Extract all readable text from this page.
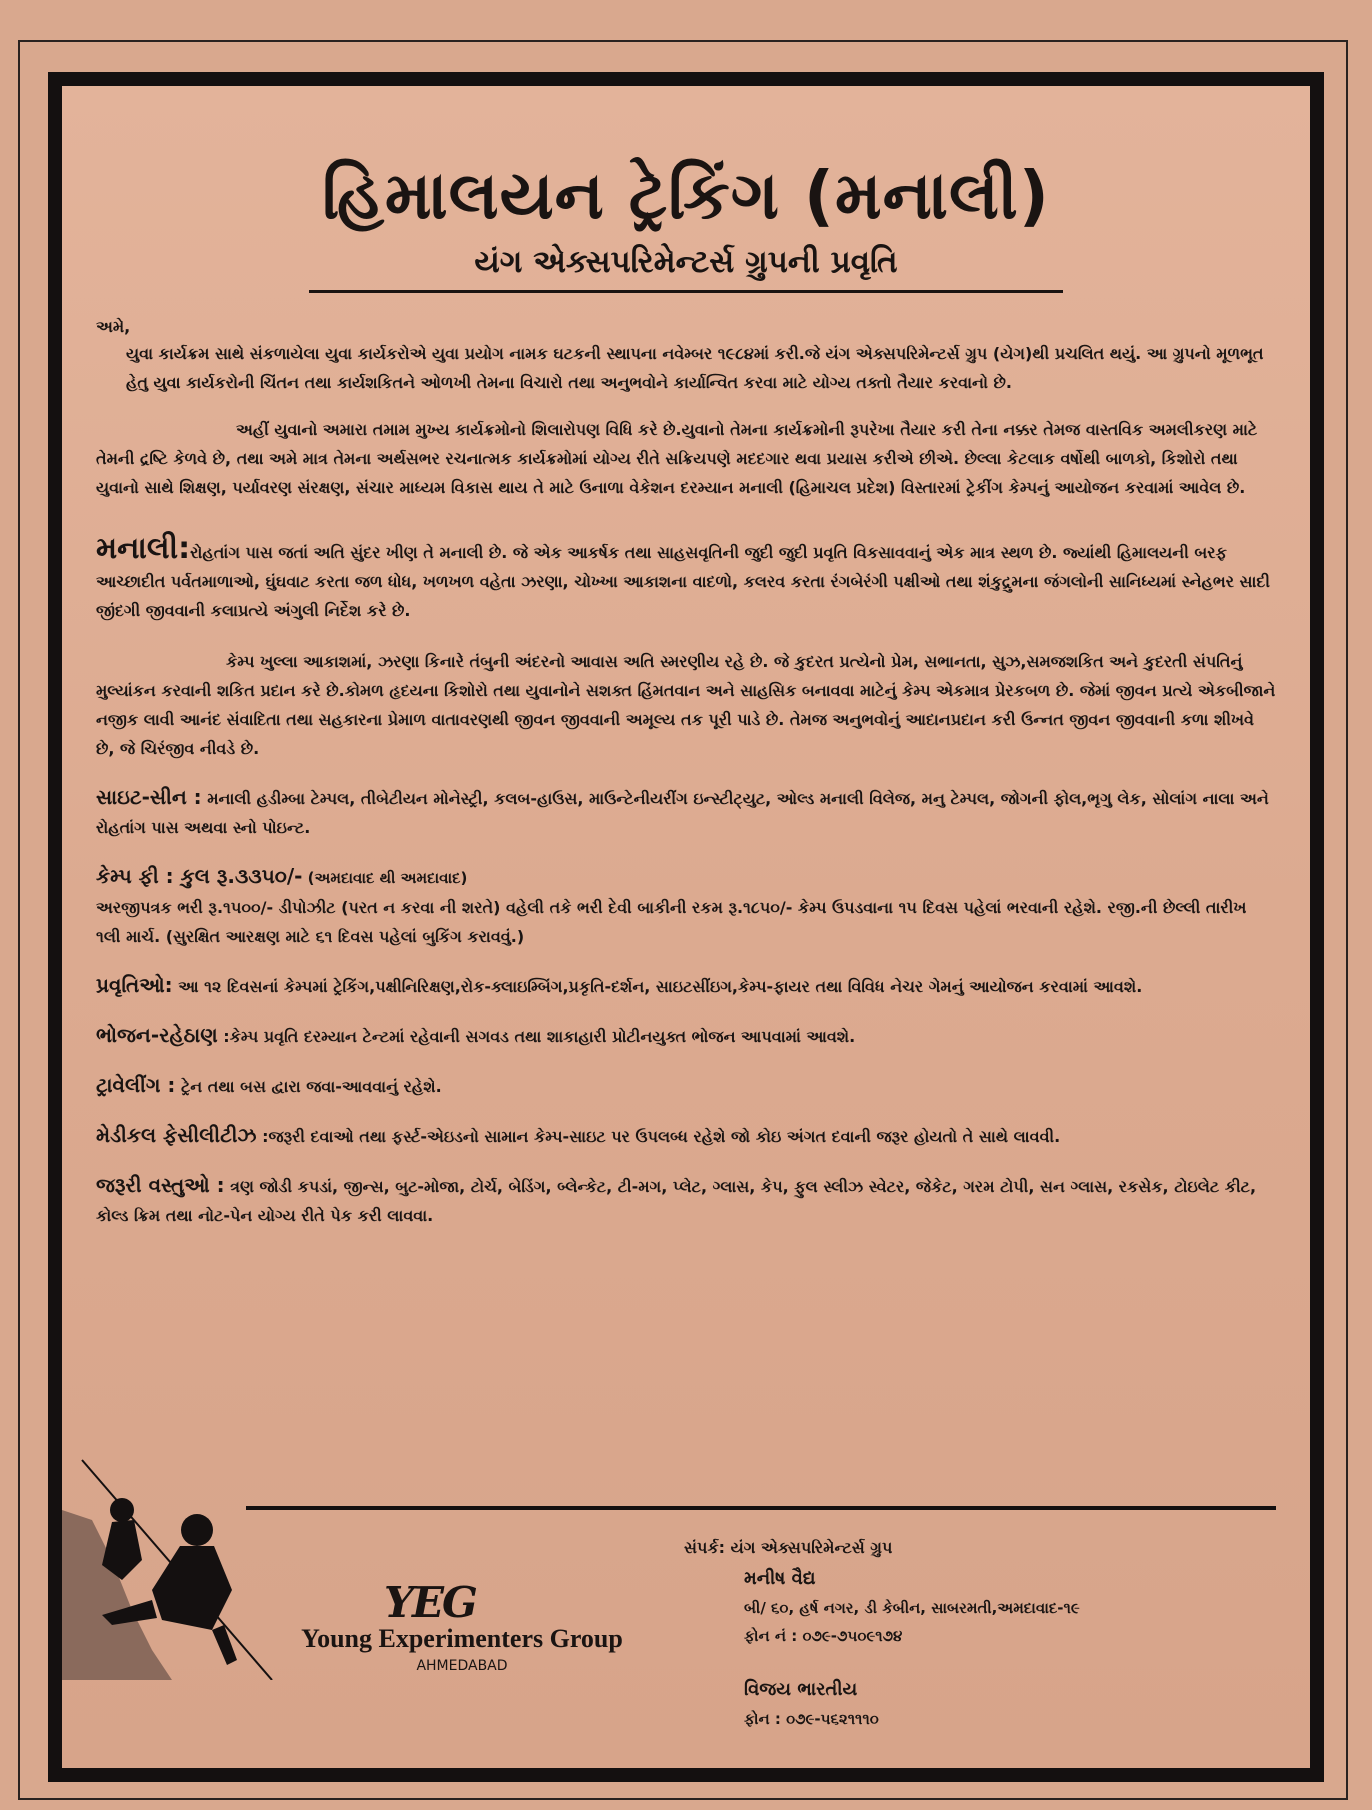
હિમાલયન ટ્રેકિંગ (મનાલી)
યંગ એક્સપરિમેન્ટર્સ ગ્રુપની પ્રવૃતિ

અમે,

યુવા કાર્યક્રમ સાથે સંકળાયેલા યુવા કાર્યકરોએ યુવા પ્રયોગ નામક ઘટકની સ્થાપના નવેમ્બર ૧૯૮૪માં કરી.જે યંગ એક્સપરિમેન્ટર્સ ગ્રુપ (યેગ)થી પ્રચલિત થયું. આ ગ્રુપનો મૂળભૂત હેતુ યુવા કાર્યકરોની ચિંતન તથા કાર્યશકિતને ઓળખી તેમના વિચારો તથા અનુભવોને કાર્યાન્વિત કરવા માટે યોગ્ય તક્તો તૈયાર કરવાનો છે.

અહીં યુવાનો અમારા તમામ મુખ્ય કાર્યક્રમોનો શિલારોપણ વિધિ કરે છે.યુવાનો તેમના કાર્યક્રમોની રૂપરેખા તૈયાર કરી તેના નક્કર તેમજ વાસ્તવિક અમલીકરણ માટે તેમની દ્રષ્ટિ કેળવે છે, તથા અમે માત્ર તેમના અર્થસભર રચનાત્મક કાર્યક્રમોમાં યોગ્ય રીતે સક્રિયપણે મદદગાર થવા પ્રયાસ કરીએ છીએ. છેલ્લા કેટલાક વર્ષોથી બાળકો, કિશોરો તથા યુવાનો સાથે શિક્ષણ, પર્યાવરણ સંરક્ષણ, સંચાર માધ્યમ વિકાસ થાય તે માટે ઉનાળા વેકેશન દરમ્યાન મનાલી (હિમાચલ પ્રદેશ) વિસ્તારમાં ટ્રેકીંગ કેમ્પનું આયોજન કરવામાં આવેલ છે.

મનાલી:રોહતાંગ પાસ જતાં અતિ સુંદર ખીણ તે મનાલી છે. જે એક આકર્ષક તથા સાહસવૃતિની જુદી જુદી પ્રવૃતિ વિકસાવવાનું એક માત્ર સ્થળ છે. જ્યાંથી હિમાલયની બરફ આચ્છાદીત પર્વતમાળાઓ, ઘુંઘવાટ કરતા જળ ધોધ, ખળખળ વહેતા ઝરણા, ચોખ્ખા આકાશના વાદળો, કલરવ કરતા રંગબેરંગી પક્ષીઓ તથા શંકુદ્રુમના જંગલોની સાનિધ્યમાં સ્નેહભર સાદી જીંદગી જીવવાની કલાપ્રત્યે અંગુલી નિર્દેશ કરે છે.

કેમ્પ ખુલ્લા આકાશમાં, ઝરણા કિનારે તંબુની અંદરનો આવાસ અતિ સ્મરણીય રહે છે. જે કુદરત પ્રત્યેનો પ્રેમ, સભાનતા, સુઝ,સમજશકિત અને કુદરતી સંપતિનું મુલ્યાંકન કરવાની શકિત પ્રદાન કરે છે.કોમળ હૃદયના કિશોરો તથા યુવાનોને સશક્ત હિંમતવાન અને સાહસિક બનાવવા માટેનું કેમ્પ એકમાત્ર પ્રેરકબળ છે. જેમાં જીવન પ્રત્યે એકબીજાને નજીક લાવી આનંદ સંવાદિતા તથા સહકારના પ્રેમાળ વાતાવરણથી જીવન જીવવાની અમૂલ્ય તક પૂરી પાડે છે. તેમજ અનુભવોનું આદાનપ્રદાન કરી ઉન્નત જીવન જીવવાની કળા શીખવે છે, જે ચિરંજીવ નીવડે છે.

સાઇટ-સીન : મનાલી હડીમ્બા ટેમ્પલ, તીબેટીયન મોનેસ્ટ્રી, કલબ-હાઉસ, માઉન્ટેનીયરીંગ ઇન્સ્ટીટ્યુટ, ઓલ્ડ મનાલી વિલેજ, મનુ ટેમ્પલ, જોગની ફોલ,ભૃગુ લેક, સોલાંગ નાલા અને રોહતાંગ પાસ અથવા સ્નો પોઇન્ટ.

કેમ્પ ફી : કુલ રૂ.૩૩૫૦/- (અમદાવાદ થી અમદાવાદ)
અરજીપત્રક ભરી રૂ.૧૫૦૦/- ડીપોઝીટ (પરત ન કરવા ની શરતે) વહેલી તકે ભરી દેવી બાકીની રકમ રૂ.૧૮૫૦/- કેમ્પ ઉપડવાના ૧૫ દિવસ પહેલાં ભરવાની રહેશે. રજી.ની છેલ્લી તારીખ ૧લી માર્ચ. (સુરક્ષિત આરક્ષણ માટે ૬૧ દિવસ પહેલાં બુકિંગ કરાવવું.)

પ્રવૃતિઓ: આ ૧૨ દિવસનાં કેમ્પમાં ટ્રેકિંગ,પક્ષીનિરિક્ષણ,રોક-ક્લાઇમ્બિંગ,પ્રકૃતિ-દર્શન, સાઇટસીંઇગ,કેમ્પ-ફાયર તથા વિવિધ નેચર ગેમનું આયોજન કરવામાં આવશે.

ભોજન-રહેઠાણ :કેમ્પ પ્રવૃતિ દરમ્યાન ટેન્ટમાં રહેવાની સગવડ તથા શાકાહારી પ્રોટીનયુક્ત ભોજન આપવામાં આવશે.

ટ્રાવેલીંગ : ટ્રેન તથા બસ દ્વારા જવા-આવવાનું રહેશે.

મેડીકલ ફેસીલીટીઝ :જરૂરી દવાઓ તથા ફર્સ્ટ-એઇડનો સામાન કેમ્પ-સાઇટ પર ઉપલબ્ધ રહેશે જો કોઇ અંગત દવાની જરૂર હોયતો તે સાથે લાવવી.

જરૂરી વસ્તુઓ : ત્રણ જોડી કપડાં, જીન્સ, બુટ-મોજા, ટોર્ચ, બેડિંગ, બ્લેન્કેટ, ટી-મગ, પ્લેટ, ગ્લાસ, કેપ, ફુલ સ્લીઝ સ્વેટર, જેકેટ, ગરમ ટોપી, સન ગ્લાસ, રકસેક, ટોઇલેટ કીટ, કોલ્ડ ક્રિમ તથા નોટ-પેન યોગ્ય રીતે પેક કરી લાવવા.

YEG
Young Experimenters Group
AHMEDABAD
સંપર્ક: યંગ એક્સપરિમેન્ટર્સ ગ્રુપ
મનીષ વૈદ્ય
બી/ ૬૦, હર્ષ નગર, ડી કેબીન, સાબરમતી,અમદાવાદ-૧૯
ફોન નં : ૦૭૯-૭૫૦૯૧૭૪
વિજય ભારતીય
ફોન : ૦૭૯-૫૬૨૧૧૧૦
